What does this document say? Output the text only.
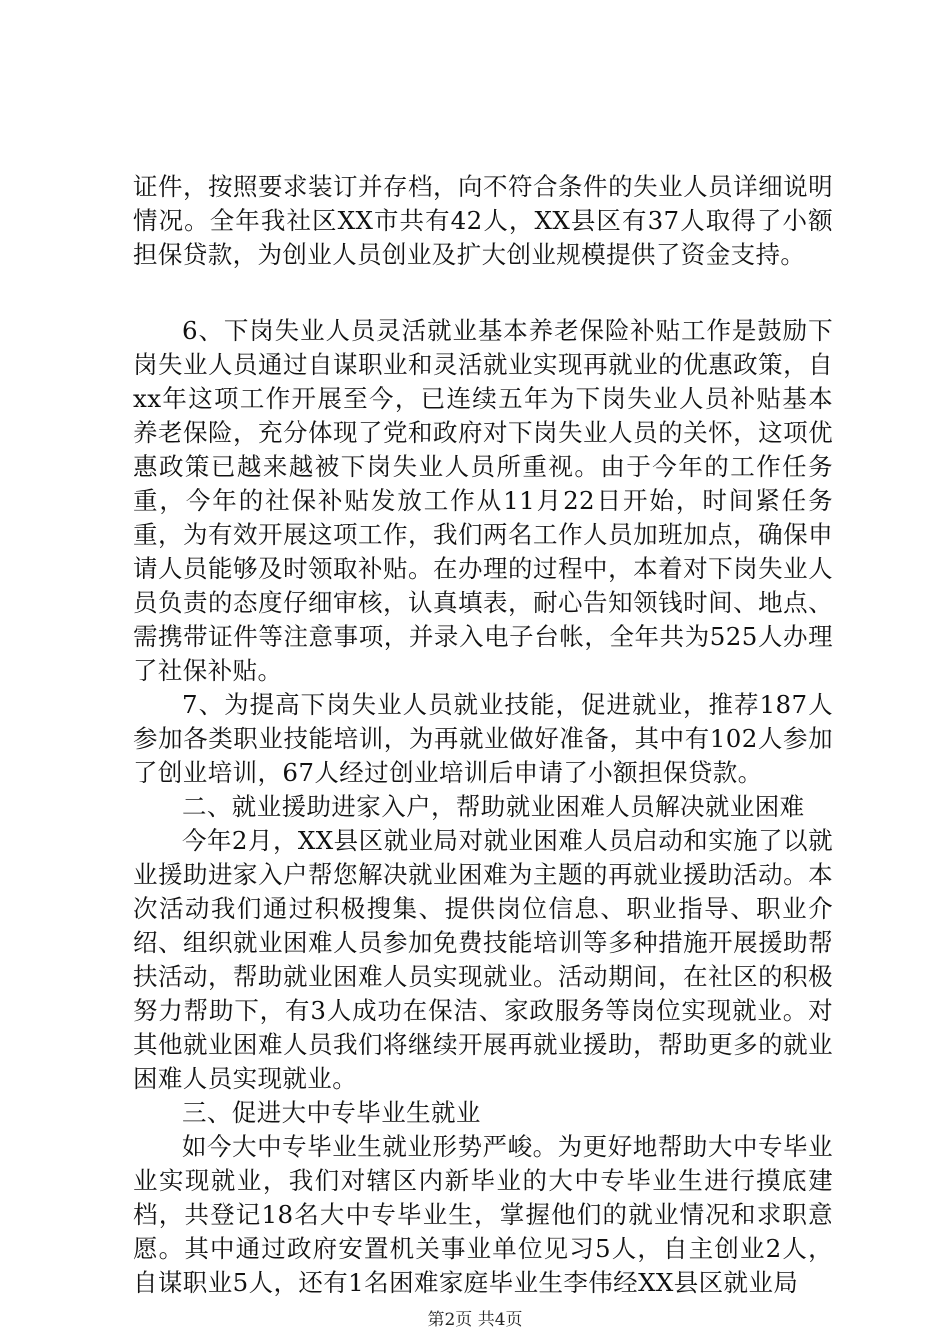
证件，按照要求装订并存档，向不符合条件的失业人员详细说明情况。全年我社区XX市共有42人，XX县区有37人取得了小额担保贷款，为创业人员创业及扩大创业规模提供了资金支持。

6、下岗失业人员灵活就业基本养老保险补贴工作是鼓励下岗失业人员通过自谋职业和灵活就业实现再就业的优惠政策，自xx年这项工作开展至今，已连续五年为下岗失业人员补贴基本养老保险，充分体现了党和政府对下岗失业人员的关怀，这项优惠政策已越来越被下岗失业人员所重视。由于今年的工作任务重，今年的社保补贴发放工作从11月22日开始，时间紧任务重，为有效开展这项工作，我们两名工作人员加班加点，确保申请人员能够及时领取补贴。在办理的过程中，本着对下岗失业人员负责的态度仔细审核，认真填表，耐心告知领钱时间、地点、需携带证件等注意事项，并录入电子台帐，全年共为525人办理了社保补贴。

7、为提高下岗失业人员就业技能，促进就业，推荐187人参加各类职业技能培训，为再就业做好准备，其中有102人参加了创业培训，67人经过创业培训后申请了小额担保贷款。

二、就业援助进家入户，帮助就业困难人员解决就业困难

今年2月，XX县区就业局对就业困难人员启动和实施了以就业援助进家入户帮您解决就业困难为主题的再就业援助活动。本次活动我们通过积极搜集、提供岗位信息、职业指导、职业介绍、组织就业困难人员参加免费技能培训等多种措施开展援助帮扶活动，帮助就业困难人员实现就业。活动期间，在社区的积极努力帮助下，有3人成功在保洁、家政服务等岗位实现就业。对其他就业困难人员我们将继续开展再就业援助，帮助更多的就业困难人员实现就业。

三、促进大中专毕业生就业

如今大中专毕业生就业形势严峻。为更好地帮助大中专毕业业实现就业，我们对辖区内新毕业的大中专毕业生进行摸底建档，共登记18名大中专毕业生，掌握他们的就业情况和求职意愿。其中通过政府安置机关事业单位见习5人，自主创业2人，自谋职业5人，还有1名困难家庭毕业生李伟经XX县区就业局

第2页 共4页
